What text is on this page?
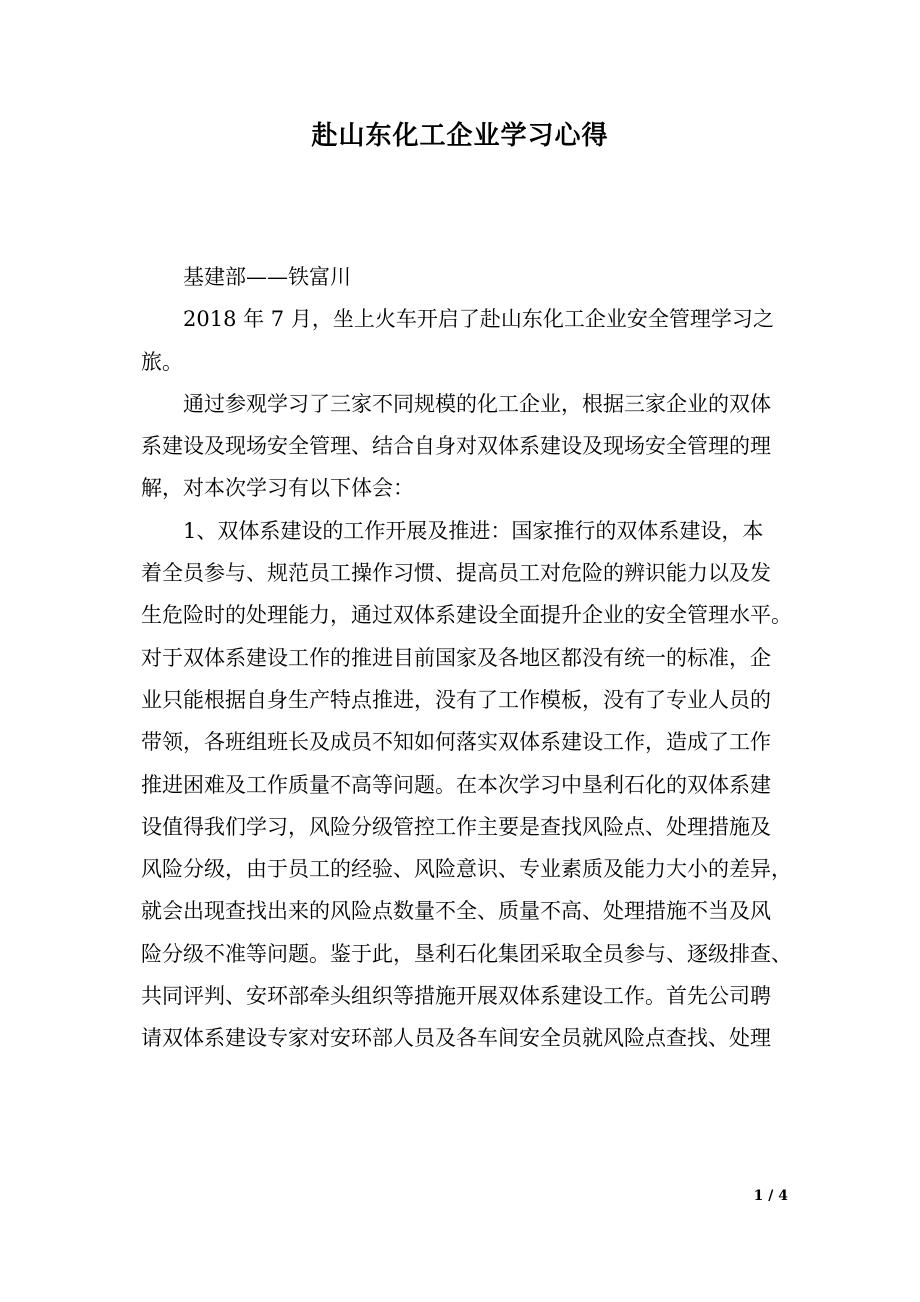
赴山东化工企业学习心得
基建部——铁富川
2018 年 7 月，坐上火车开启了赴山东化工企业安全管理学习之
旅。
通过参观学习了三家不同规模的化工企业，根据三家企业的双体
系建设及现场安全管理、结合自身对双体系建设及现场安全管理的理
解，对本次学习有以下体会：
1、双体系建设的工作开展及推进：国家推行的双体系建设，本
着全员参与、规范员工操作习惯、提高员工对危险的辨识能力以及发
生危险时的处理能力，通过双体系建设全面提升企业的安全管理水平。
对于双体系建设工作的推进目前国家及各地区都没有统一的标准，企
业只能根据自身生产特点推进，没有了工作模板，没有了专业人员的
带领，各班组班长及成员不知如何落实双体系建设工作，造成了工作
推进困难及工作质量不高等问题。在本次学习中垦利石化的双体系建
设值得我们学习，风险分级管控工作主要是查找风险点、处理措施及
风险分级，由于员工的经验、风险意识、专业素质及能力大小的差异，
就会出现查找出来的风险点数量不全、质量不高、处理措施不当及风
险分级不准等问题。鉴于此，垦利石化集团采取全员参与、逐级排查、
共同评判、安环部牵头组织等措施开展双体系建设工作。首先公司聘
请双体系建设专家对安环部人员及各车间安全员就风险点查找、处理
1 / 4
